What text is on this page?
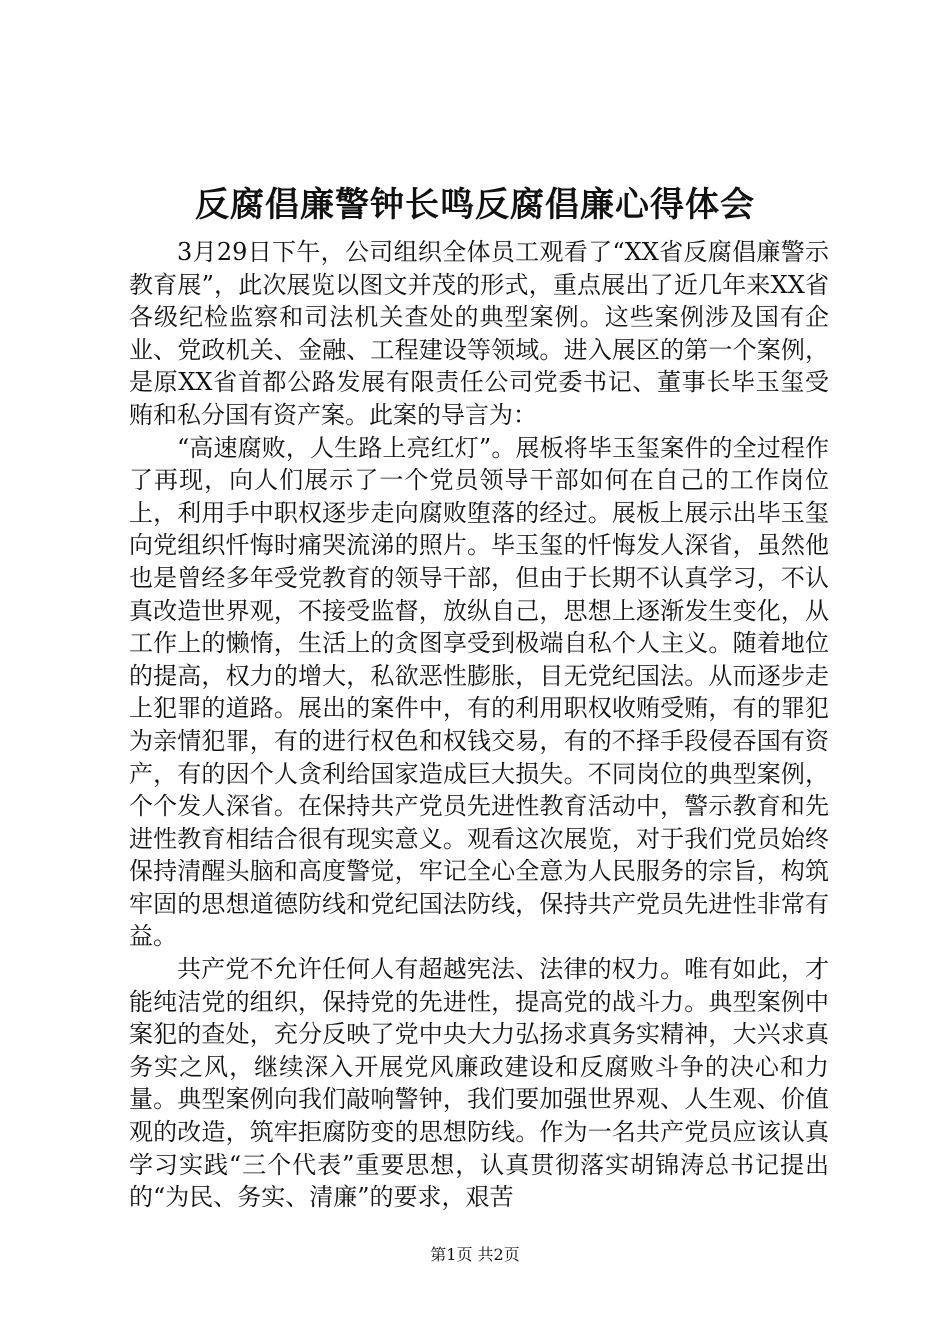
反腐倡廉警钟长鸣反腐倡廉心得体会

3月29日下午，公司组织全体员工观看了“XX省反腐倡廉警示教育展”，此次展览以图文并茂的形式，重点展出了近几年来XX省各级纪检监察和司法机关查处的典型案例。这些案例涉及国有企业、党政机关、金融、工程建设等领域。进入展区的第一个案例，是原XX省首都公路发展有限责任公司党委书记、董事长毕玉玺受贿和私分国有资产案。此案的导言为：

“高速腐败，人生路上亮红灯”。展板将毕玉玺案件的全过程作了再现，向人们展示了一个党员领导干部如何在自己的工作岗位上，利用手中职权逐步走向腐败堕落的经过。展板上展示出毕玉玺向党组织忏悔时痛哭流涕的照片。毕玉玺的忏悔发人深省，虽然他也是曾经多年受党教育的领导干部，但由于长期不认真学习，不认真改造世界观，不接受监督，放纵自己，思想上逐渐发生变化，从工作上的懒惰，生活上的贪图享受到极端自私个人主义。随着地位的提高，权力的增大，私欲恶性膨胀，目无党纪国法。从而逐步走上犯罪的道路。展出的案件中，有的利用职权收贿受贿，有的罪犯为亲情犯罪，有的进行权色和权钱交易，有的不择手段侵吞国有资产，有的因个人贪利给国家造成巨大损失。不同岗位的典型案例，个个发人深省。在保持共产党员先进性教育活动中，警示教育和先进性教育相结合很有现实意义。观看这次展览，对于我们党员始终保持清醒头脑和高度警觉，牢记全心全意为人民服务的宗旨，构筑牢固的思想道德防线和党纪国法防线，保持共产党员先进性非常有益。

共产党不允许任何人有超越宪法、法律的权力。唯有如此，才能纯洁党的组织，保持党的先进性，提高党的战斗力。典型案例中案犯的查处，充分反映了党中央大力弘扬求真务实精神，大兴求真务实之风，继续深入开展党风廉政建设和反腐败斗争的决心和力量。典型案例向我们敲响警钟，我们要加强世界观、人生观、价值观的改造，筑牢拒腐防变的思想防线。作为一名共产党员应该认真学习实践“三个代表”重要思想，认真贯彻落实胡锦涛总书记提出的“为民、务实、清廉”的要求，艰苦

第1页 共2页
